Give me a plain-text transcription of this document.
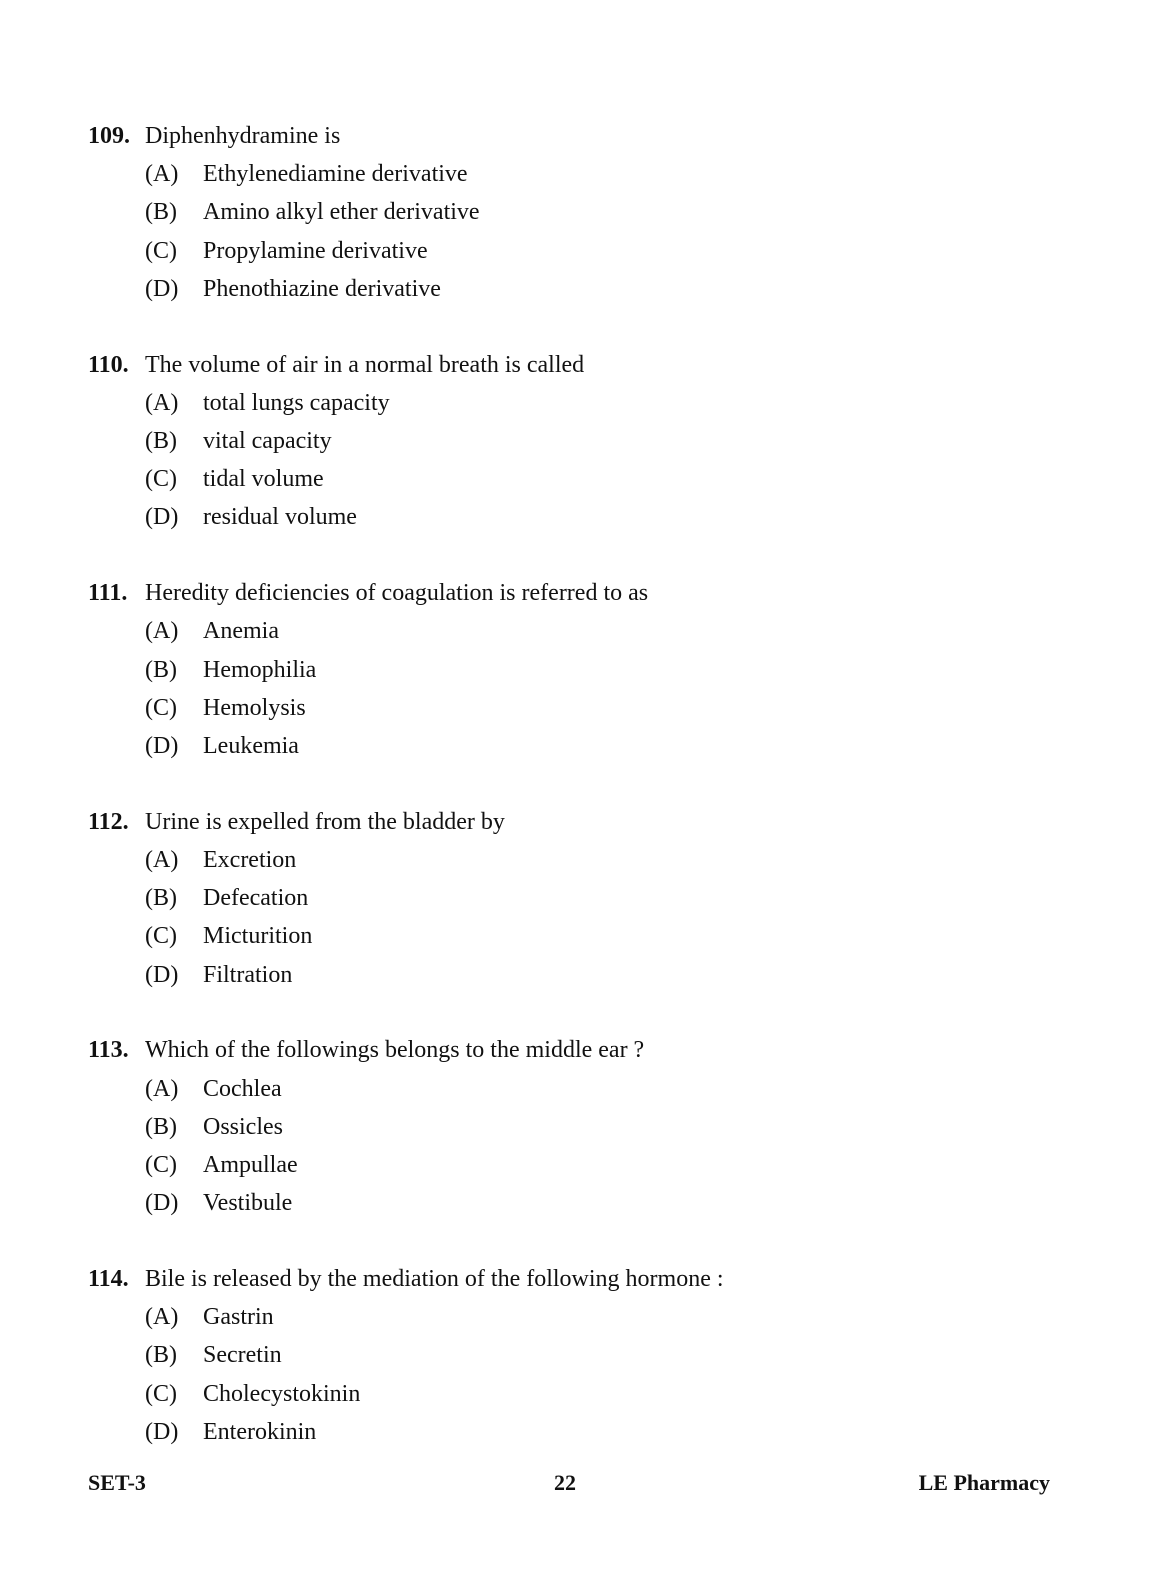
109. Diphenhydramine is
(A) Ethylenediamine derivative
(B) Amino alkyl ether derivative
(C) Propylamine derivative
(D) Phenothiazine derivative
110. The volume of air in a normal breath is called
(A) total lungs capacity
(B) vital capacity
(C) tidal volume
(D) residual volume
111. Heredity deficiencies of coagulation is referred to as
(A) Anemia
(B) Hemophilia
(C) Hemolysis
(D) Leukemia
112. Urine is expelled from the bladder by
(A) Excretion
(B) Defecation
(C) Micturition
(D) Filtration
113. Which of the followings belongs to the middle ear ?
(A) Cochlea
(B) Ossicles
(C) Ampullae
(D) Vestibule
114. Bile is released by the mediation of the following hormone :
(A) Gastrin
(B) Secretin
(C) Cholecystokinin
(D) Enterokinin
SET-3	22	LE Pharmacy
